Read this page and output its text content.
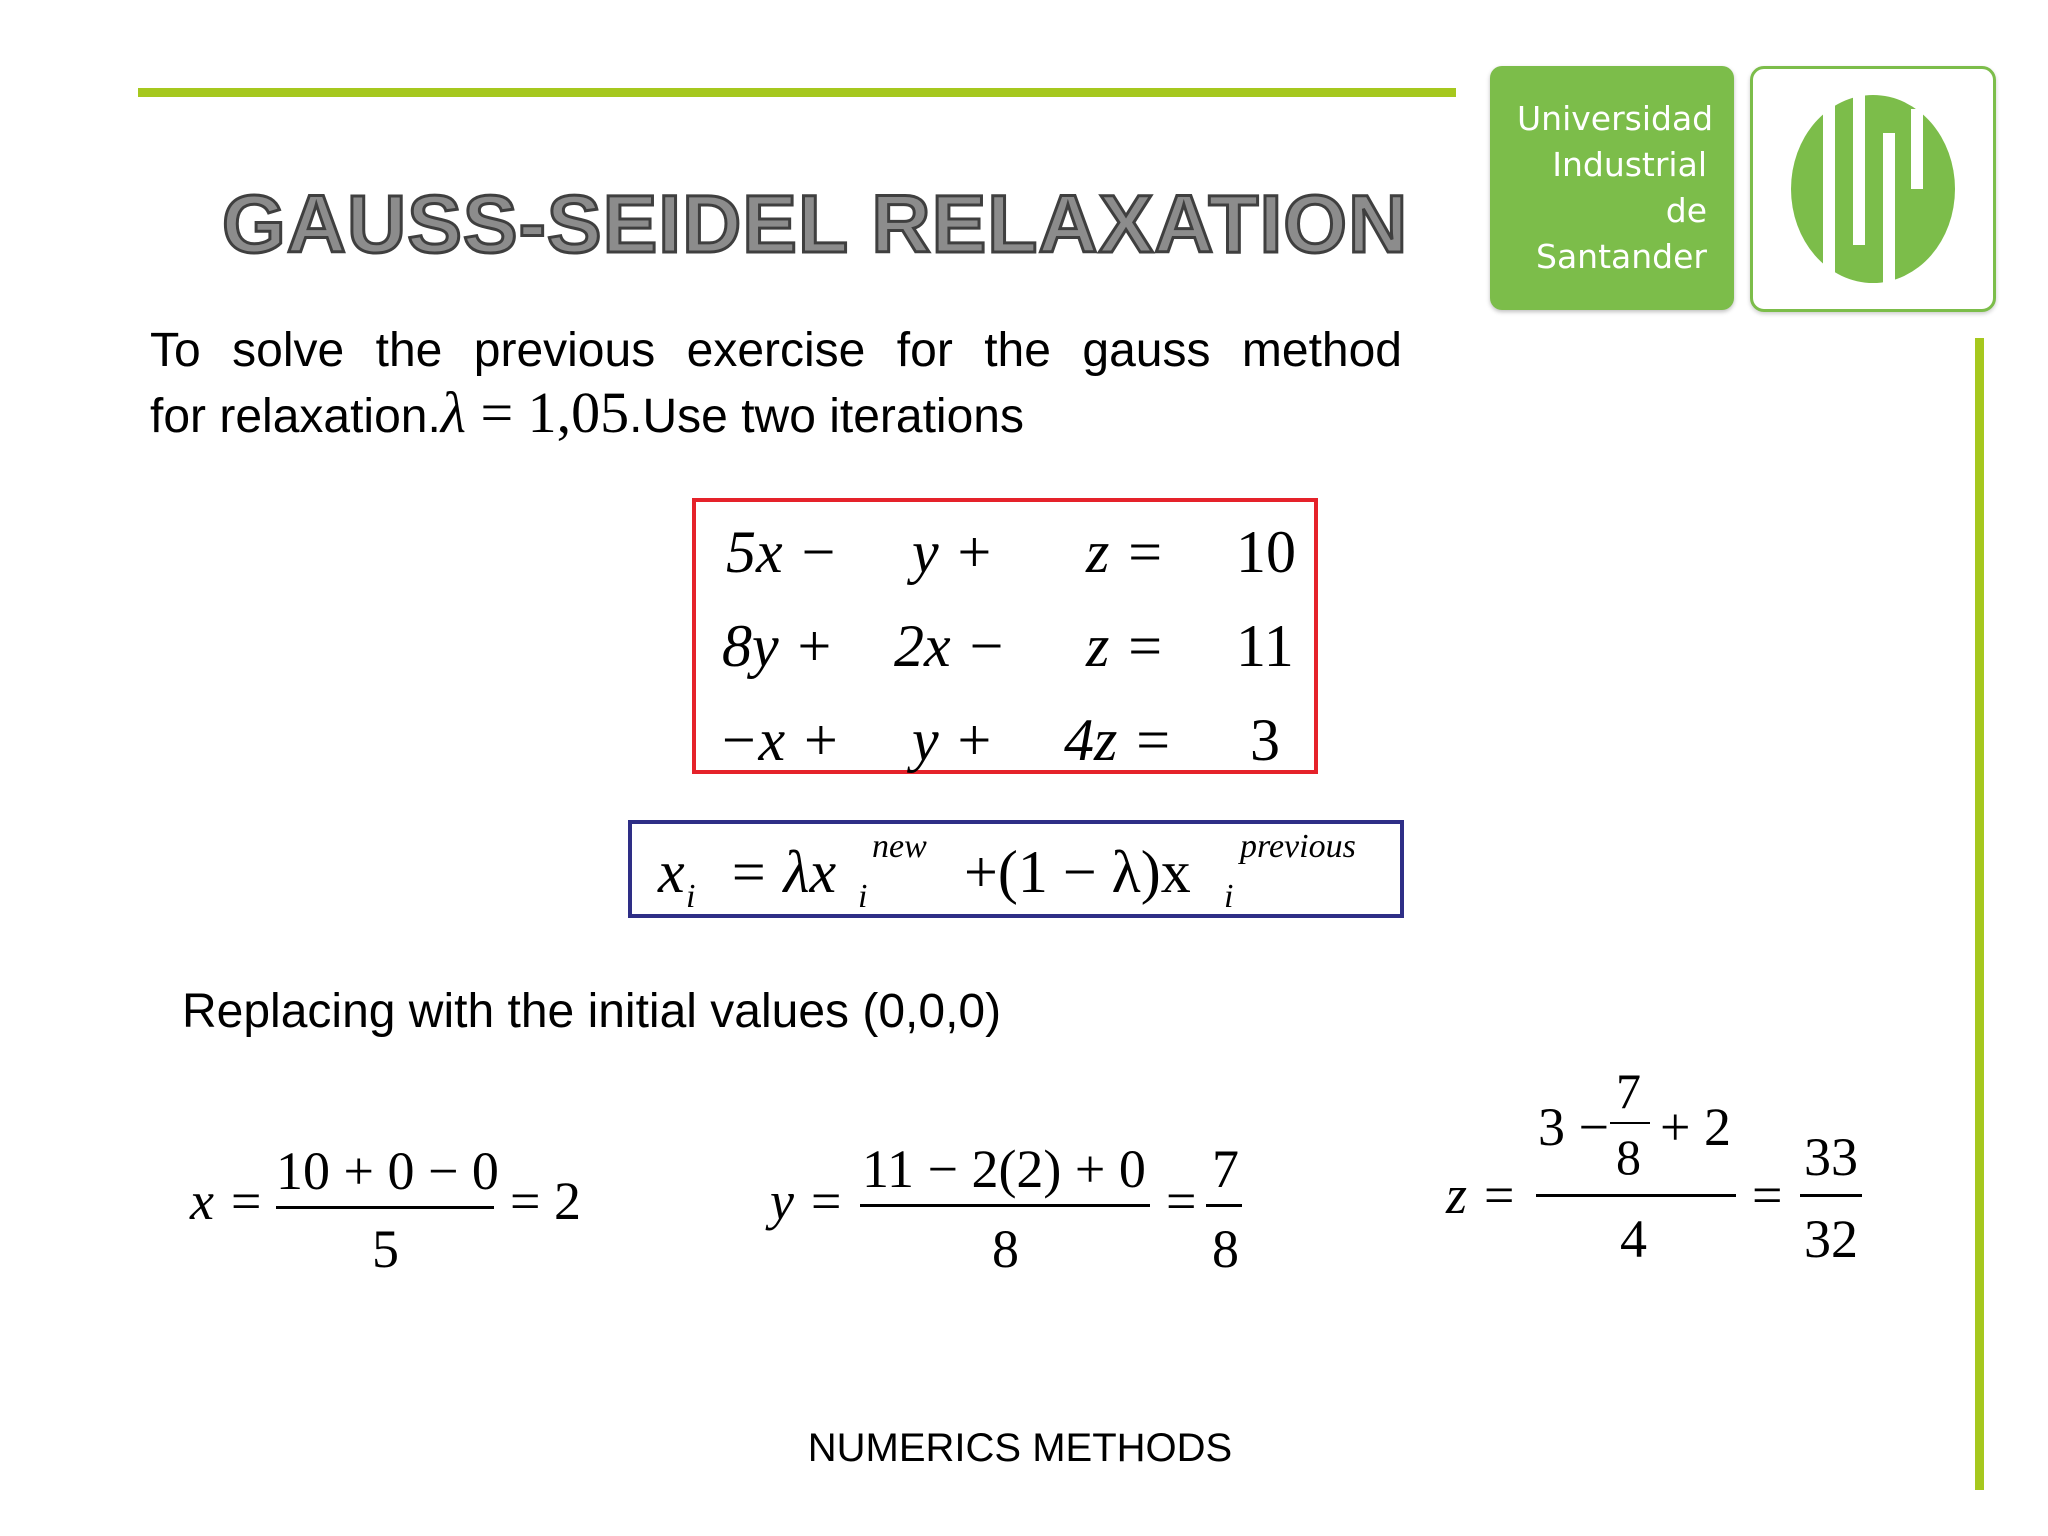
Universidad
Industrial de
Santander
GAUSS-SEIDEL RELAXATION
To solve the previous exercise for the gauss method
for relaxation.λ = 1,05.Use two iterations
5x − y + z = 10
8y + 2x − z = 11
−x + y + 4z = 3
x i = λx new
i +(1 − λ)x previous
i
Replacing with the initial values (0,0,0)
x = 10 + 0 − 0
5
= 2	y =
11 − 2(2) + 0
8
=
7
8
z =
3 −
7
8 + 2
4
=
33
32
NUMERICS METHODS
